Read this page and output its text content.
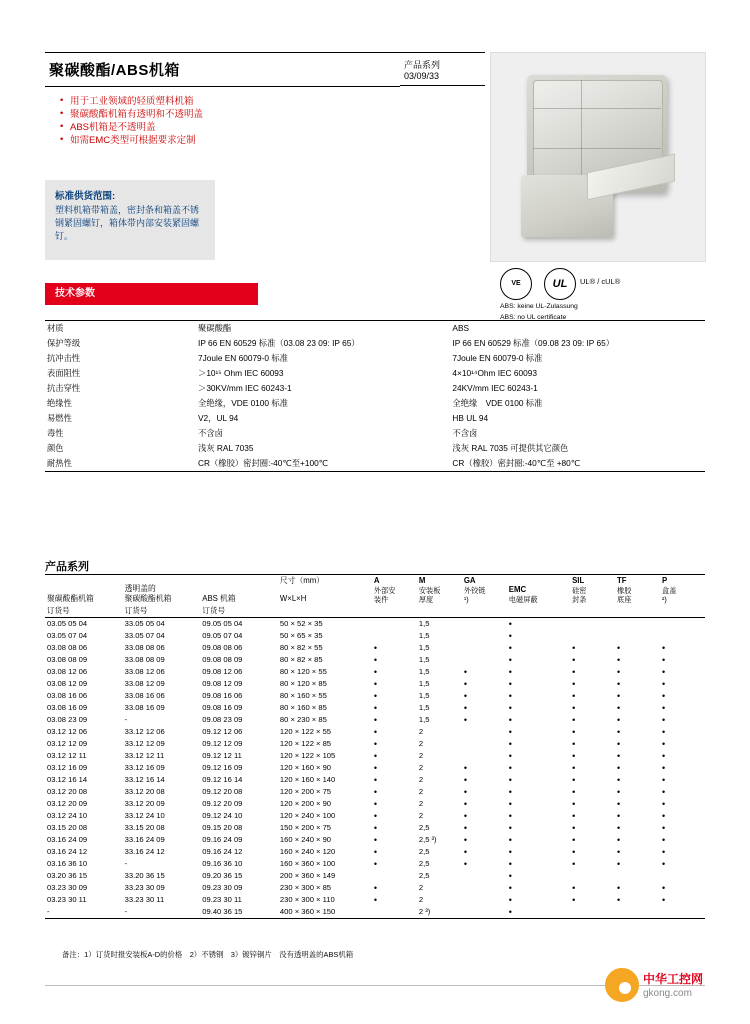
聚碳酸酯/ABS机箱	产品系列
03/09/33
• 用于工业领域的轻质塑料机箱
• 聚碳酸酯机箱有透明和不透明盖
• ABS机箱是不透明盖
• 如需EMC类型可根据要求定制
标准供货范围:
塑料机箱带箱盖，密封条和箱盖不锈钢紧固螺钉，箱体带内部安装紧固螺钉。
VE	UL	UL® / cUL®
ABS: keine UL-Zulassung
ABS: no UL certificate
技术参数
材质	聚碳酸酯	ABS
保护等级	IP 66 EN 60529 标准（03.08 23 09: IP 65）	IP 66 EN 60529 标准（09.08 23 09: IP 65）
抗冲击性	7Joule EN 60079-0 标准	7Joule EN 60079-0 标准
表面阻性	＞10¹⁵ Ohm IEC 60093	4×10¹⁴Ohm IEC 60093
抗击穿性	＞30KV/mm IEC 60243-1	24KV/mm IEC 60243-1
绝缘性	全绝缘，VDE 0100 标准	全绝缘　VDE 0100 标准
易燃性	V2，UL 94	HB UL 94
毒性	不含卤	不含卤
颜色	浅灰 RAL 7035	浅灰 RAL 7035 可提供其它颜色
耐热性	CR（橡胶）密封圈:-40℃至+100℃	CR（橡胶）密封圈:-40℃至 +80℃
产品系列
聚碳酸酯机箱	
透明盖的
聚碳酸酯机箱	ABS 机箱	
尺寸（mm）
W×L×H

A
外部安
装件

M
安装板
厚度

GA
外铰链
¹)

EMC
电磁屏蔽

SIL
硅密
封条

TF
橡胶
底座

P
盒盖
²)

订货号	订货号	订货号								
03.05 05 04	33.05 05 04	09.05 05 04	50 × 52 × 35		1,5		•			
03.05 07 04	33.05 07 04	09.05 07 04	50 × 65 × 35		1,5		•			
03.08 08 06	33.08 08 06	09.08 08 06	80 × 82 × 55	•	1,5		•	•	•	•
03.08 08 09	33.08 08 09	09.08 08 09	80 × 82 × 85	•	1,5		•	•	•	•
03.08 12 06	33.08 12 06	09.08 12 06	80 × 120 × 55	•	1,5	•	•	•	•	•
03.08 12 09	33.08 12 09	09.08 12 09	80 × 120 × 85	•	1,5	•	•	•	•	•
03.08 16 06	33.08 16 06	09.08 16 06	80 × 160 × 55	•	1,5	•	•	•	•	•
03.08 16 09	33.08 16 09	09.08 16 09	80 × 160 × 85	•	1,5	•	•	•	•	•
03.08 23 09	-	09.08 23 09	80 × 230 × 85	•	1,5	•	•	•	•	•
03.12 12 06	33.12 12 06	09.12 12 06	120 × 122 × 55	•	2		•	•	•	•
03.12 12 09	33.12 12 09	09.12 12 09	120 × 122 × 85	•	2		•	•	•	•
03.12 12 11	33.12 12 11	09.12 12 11	120 × 122 × 105	•	2		•	•	•	•
03.12 16 09	33.12 16 09	09.12 16 09	120 × 160 × 90	•	2	•	•	•	•	•
03.12 16 14	33.12 16 14	09.12 16 14	120 × 160 × 140	•	2	•	•	•	•	•
03.12 20 08	33.12 20 08	09.12 20 08	120 × 200 × 75	•	2	•	•	•	•	•
03.12 20 09	33.12 20 09	09.12 20 09	120 × 200 × 90	•	2	•	•	•	•	•
03.12 24 10	33.12 24 10	09.12 24 10	120 × 240 × 100	•	2	•	•	•	•	•
03.15 20 08	33.15 20 08	09.15 20 08	150 × 200 × 75	•	2,5	•	•	•	•	•
03.16 24 09	33.16 24 09	09.16 24 09	160 × 240 × 90	•	2,5 ³)	•	•	•	•	•
03.16 24 12	33.16 24 12	09.16 24 12	160 × 240 × 120	•	2,5	•	•	•	•	•
03.16 36 10	-	09.16 36 10	160 × 360 × 100	•	2,5	•	•	•	•	•
03.20 36 15	33.20 36 15	09.20 36 15	200 × 360 × 149		2,5		•			
03.23 30 09	33.23 30 09	09.23 30 09	230 × 300 × 85	•	2		•	•	•	•
03.23 30 11	33.23 30 11	09.23 30 11	230 × 300 × 110	•	2		•	•	•	•
-	-	09.40 36 15	400 × 360 × 150		2 ³)		•			
备注：1）订货时报安装板A-D的价格　2）不锈钢　3）镀锌铜片　没有透明盖的ABS机箱
中华工控网
gkong.com
